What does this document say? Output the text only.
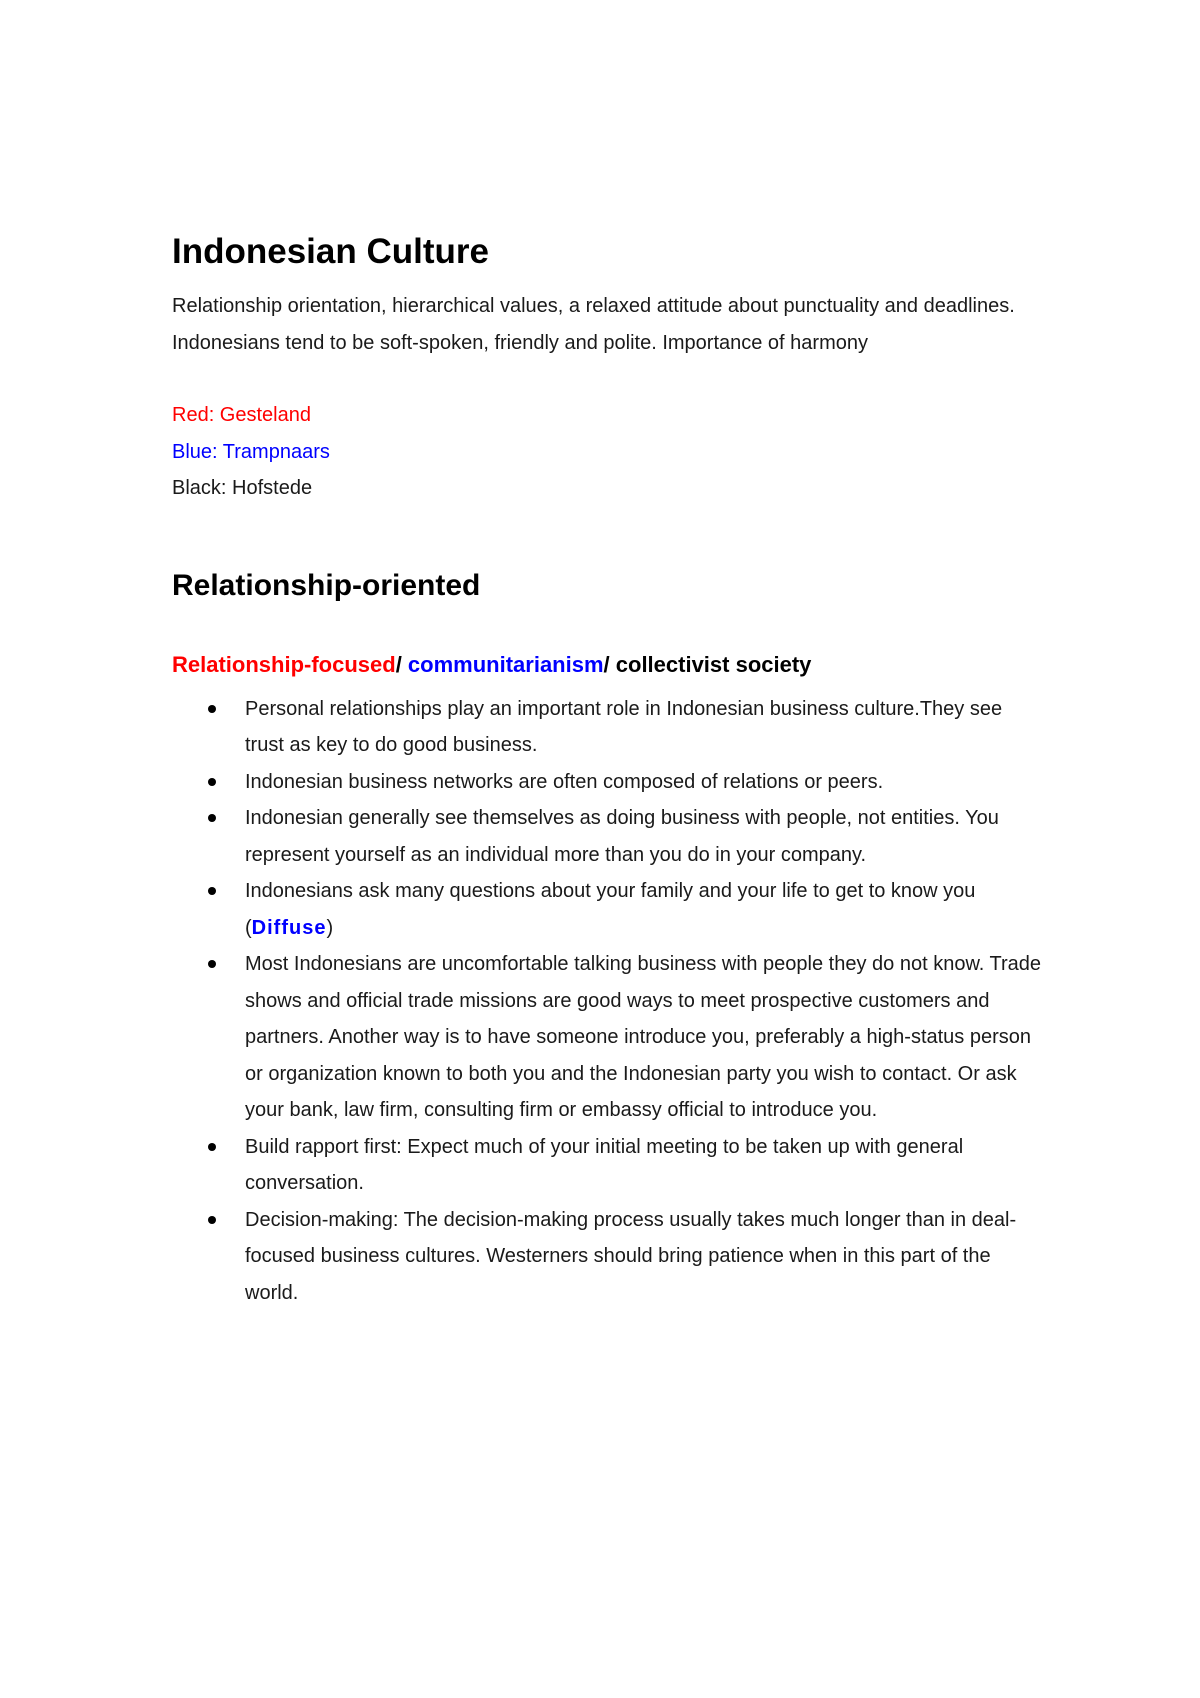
Indonesian Culture

Relationship orientation, hierarchical values, a relaxed attitude about punctuality and deadlines. Indonesians tend to be soft-spoken, friendly and polite. Importance of harmony

Red: Gesteland
Blue: Trampnaars
Black: Hofstede
Relationship-oriented
Relationship-focused/ communitarianism/ collectivist society
Personal relationships play an important role in Indonesian business culture.They see trust as key to do good business.
Indonesian business networks are often composed of relations or peers.
Indonesian generally see themselves as doing business with people, not entities. You represent yourself as an individual more than you do in your company.
Indonesians ask many questions about your family and your life to get to know you
(Diffuse)
Most Indonesians are uncomfortable talking business with people they do not know. Trade shows and official trade missions are good ways to meet prospective customers and partners. Another way is to have someone introduce you, preferably a high-status person or organization known to both you and the Indonesian party you wish to contact. Or ask your bank, law firm, consulting firm or embassy official to introduce you.
Build rapport first: Expect much of your initial meeting to be taken up with general conversation.
Decision-making: The decision-making process usually takes much longer than in deal-focused business cultures. Westerners should bring patience when in this part of the world.
